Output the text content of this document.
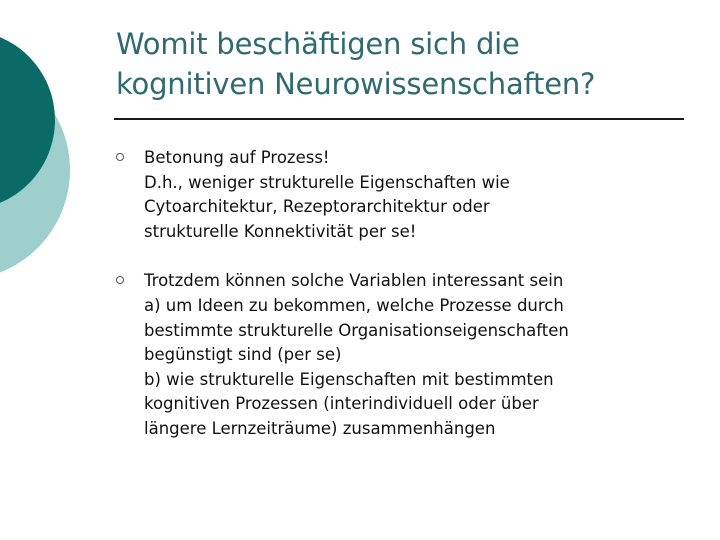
Womit beschäftigen sich die
kognitiven Neurowissenschaften?
Betonung auf Prozess!
D.h., weniger strukturelle Eigenschaften wie
Cytoarchitektur, Rezeptorarchitektur oder
strukturelle Konnektivität per se!
Trotzdem können solche Variablen interessant sein
a) um Ideen zu bekommen, welche Prozesse durch
bestimmte strukturelle Organisationseigenschaften
begünstigt sind (per se)
b) wie strukturelle Eigenschaften mit bestimmten
kognitiven Prozessen (interindividuell oder über
längere Lernzeiträume) zusammenhängen
